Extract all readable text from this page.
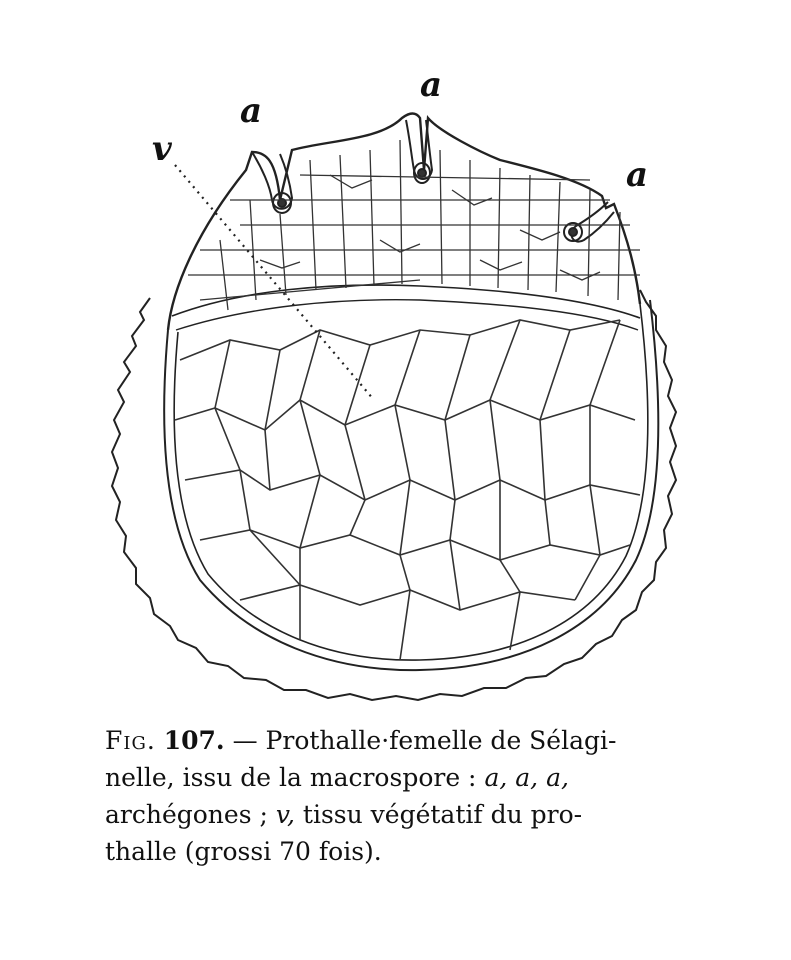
a
a
a
v
Fig. 107. — Prothalle·femelle de Sélagi-
nelle, issu de la macrospore : a, a, a,
archégones ; v, tissu végétatif du pro-
thalle (grossi 70 fois).
